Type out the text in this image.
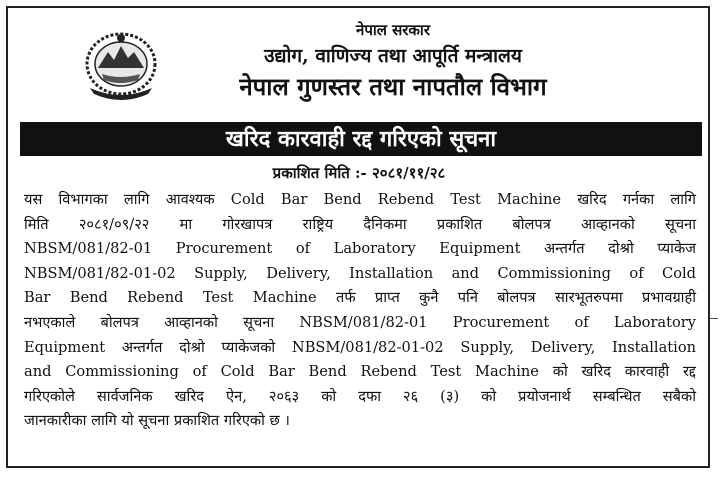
नेपाल सरकार
उद्योग, वाणिज्य तथा आपूर्ति मन्त्रालय
नेपाल गुणस्तर तथा नापतौल विभाग
खरिद कारवाही रद्द गरिएको सूचना
प्रकाशित मिति :- २०८१/११/२८
यस विभागका लागि आवश्यक Cold Bar Bend Rebend Test Machine खरिद गर्नका लागि
मिति २०८१/०९/२२ मा गोरखापत्र राष्ट्रिय दैनिकमा प्रकाशित बोलपत्र आव्हानको सूचना
NBSM/081/82-01 Procurement of Laboratory Equipment अन्तर्गत दोश्रो प्याकेज
NBSM/081/82-01-02 Supply, Delivery, Installation and Commissioning of Cold
Bar Bend Rebend Test Machine तर्फ प्राप्त कुनै पनि बोलपत्र सारभूतरुपमा प्रभावग्राही
नभएकाले बोलपत्र आव्हानको सूचना NBSM/081/82-01 Procurement of Laboratory
Equipment अन्तर्गत दोश्रो प्याकेजको NBSM/081/82-01-02 Supply, Delivery, Installation
and Commissioning of Cold Bar Bend Rebend Test Machine को खरिद कारवाही रद्द
गरिएकोले सार्वजनिक खरिद ऐन, २०६३ को दफा २६ (३) को प्रयोजनार्थ सम्बन्धित सबैको
जानकारीका लागि यो सूचना प्रकाशित गरिएको छ ।
